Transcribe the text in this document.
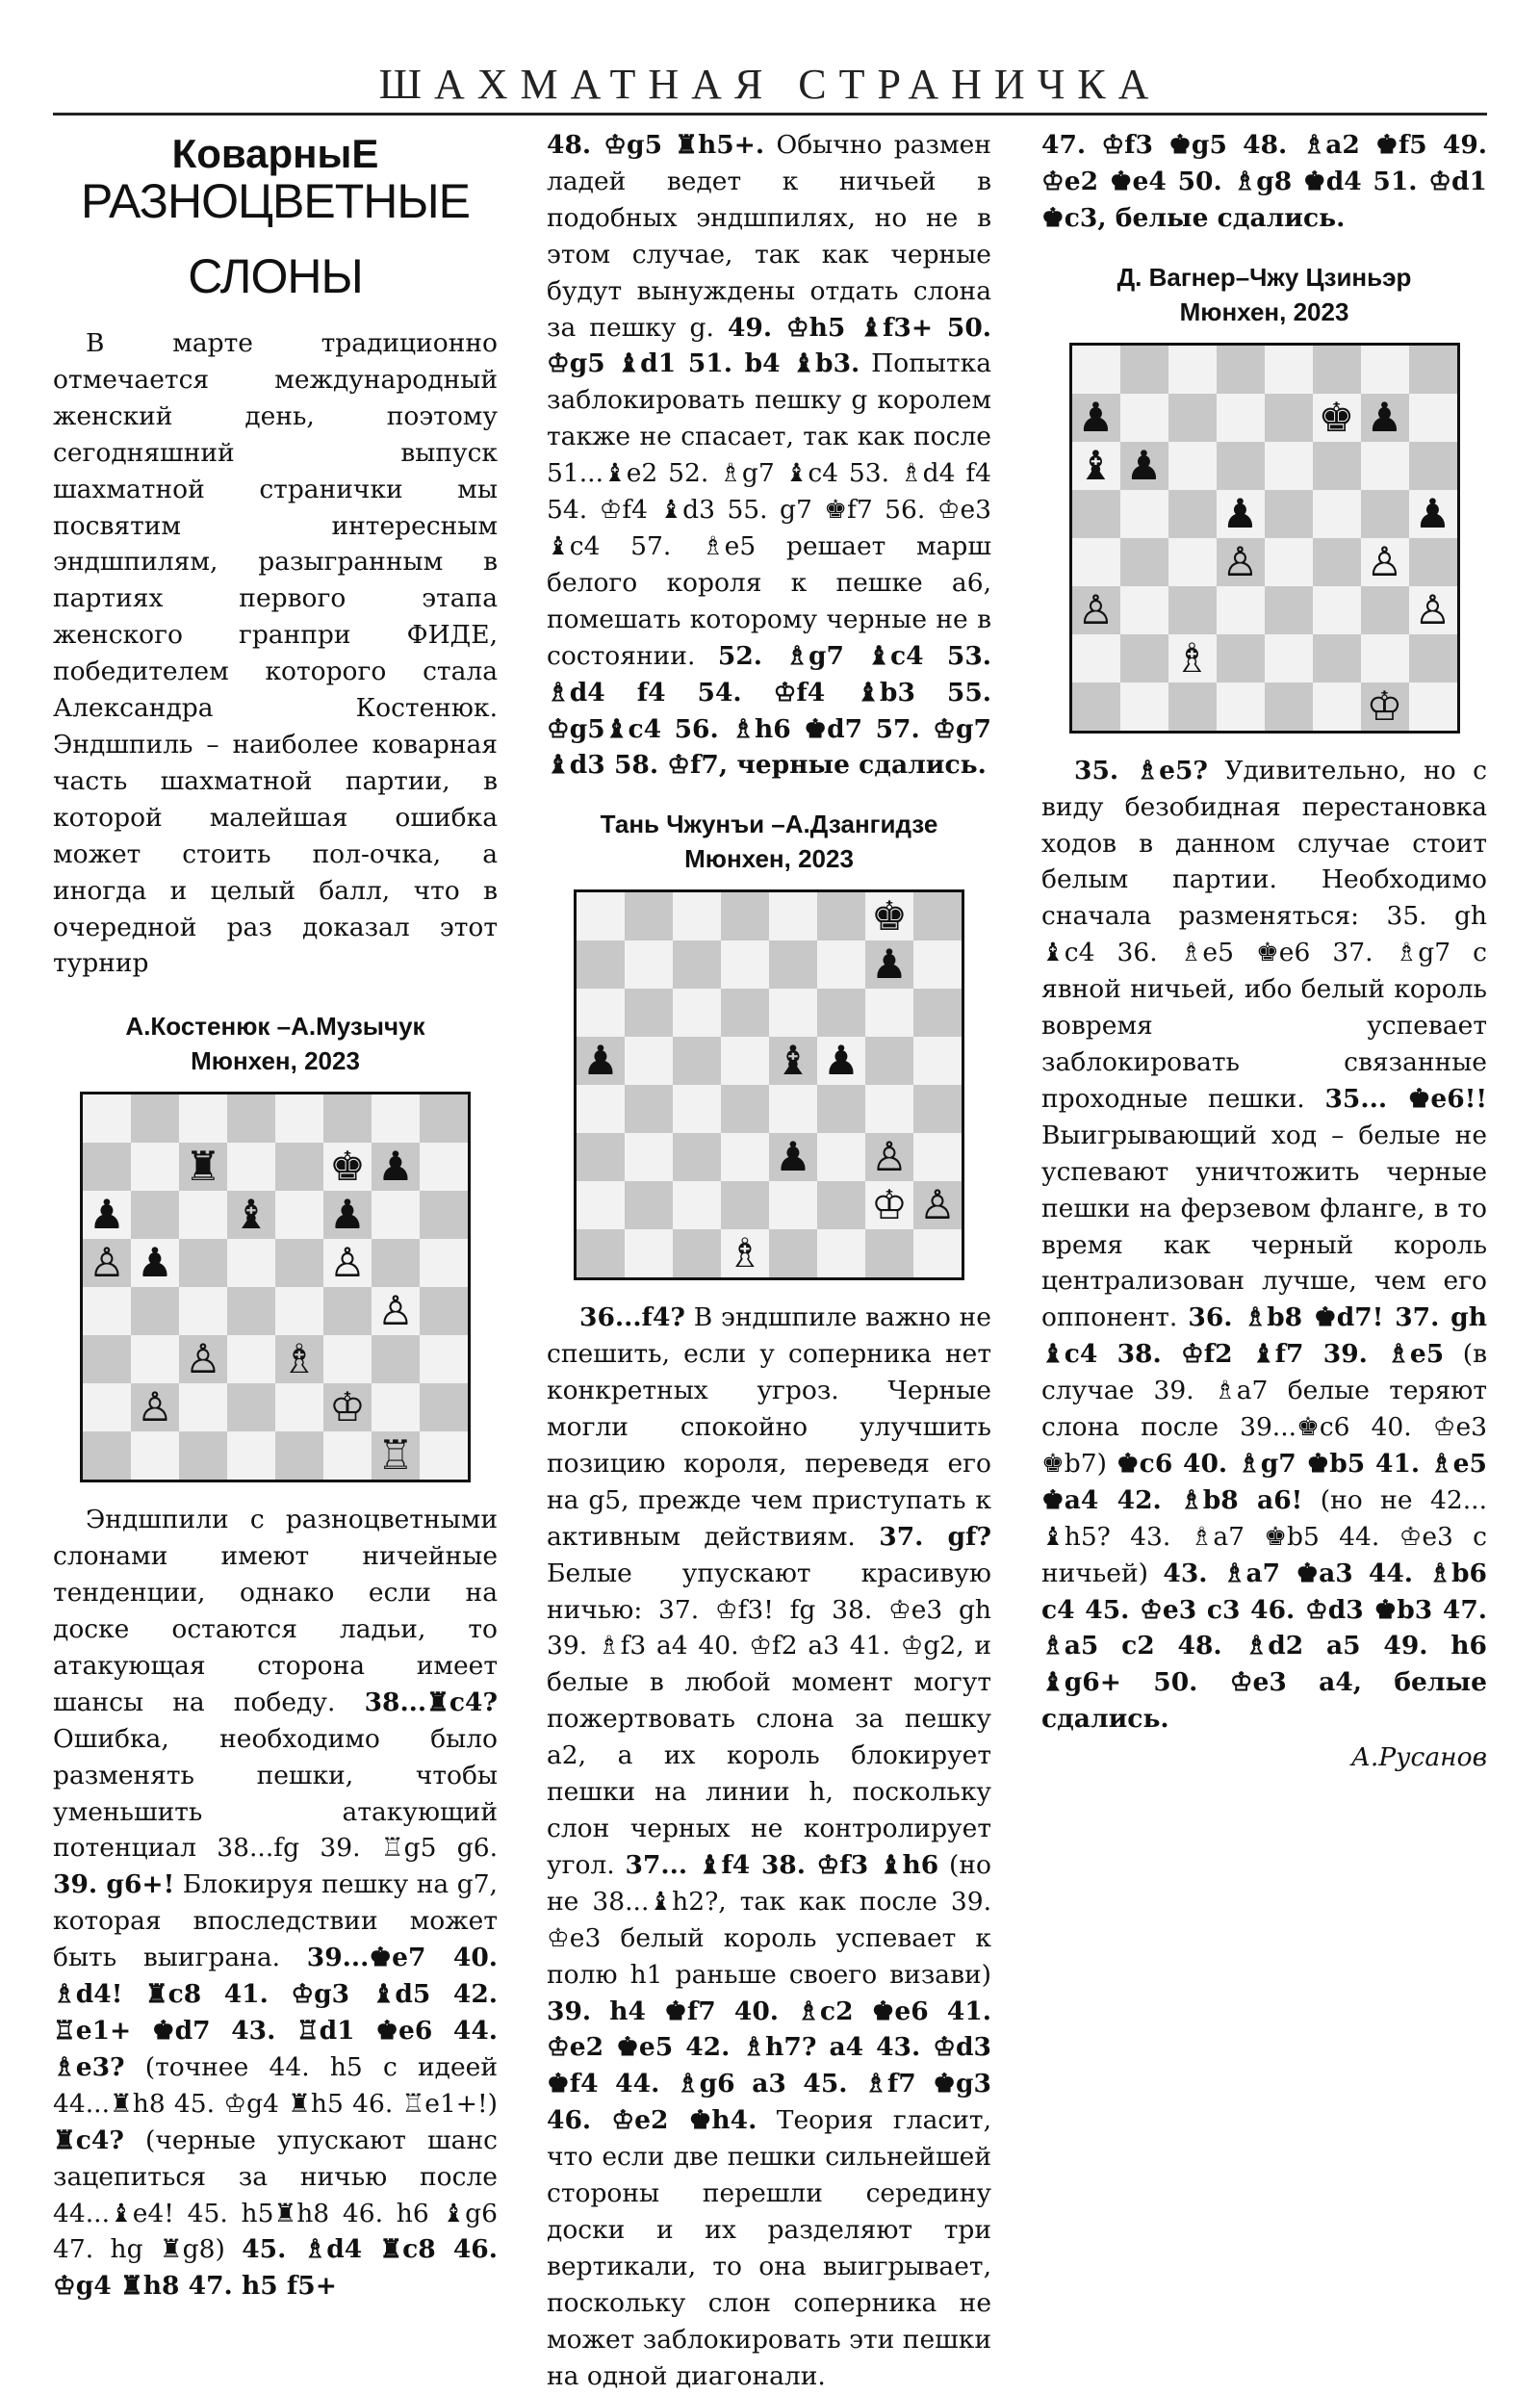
ШАХМАТНАЯ СТРАНИЧКА
КоварныЕ
РАЗНОЦВЕТНЫЕ
СЛОНЫ

В марте традиционно отмечается международный женский день, поэтому сегодняшний выпуск шахматной странички мы посвятим интересным эндшпилям, разыгранным в партиях первого этапа женского гранпри ФИДЕ, победителем которого стала Александра Костенюк. Эндшпиль – наиболее коварная часть шахматной партии, в которой малейшая ошибка может стоить пол-очка, а иногда и целый балл, что в очередной раз доказал этот турнир

А.Костенюк –А.Музычук
Мюнхен, 2023
♜	♚ ♟
♟	♝ ♟
♙ ♟	♙
♙
♙ ♗
♙	♔
♖

Эндшпили с разноцветными слонами имеют ничейные тенденции, однако если на доске остаются ладьи, то атакующая сторона имеет шансы на победу. 38...♜c4? Ошибка, необходимо было разменять пешки, чтобы уменьшить атакующий потенциал 38...fg 39. ♖g5 g6. 39. g6+! Блокируя пешку на g7, которая впоследствии может быть выиграна. 39...♚e7 40. ♗d4! ♜c8 41. ♔g3 ♝d5 42. ♖e1+ ♚d7 43. ♖d1 ♚e6 44. ♗e3? (точнее 44. h5 с идеей 44...♜h8 45. ♔g4 ♜h5 46. ♖e1+!) ♜c4? (черные упускают шанс зацепиться за ничью после 44...♝e4! 45. h5♜h8 46. h6 ♝g6 47. hg ♜g8) 45. ♗d4 ♜c8 46. ♔g4 ♜h8 47. h5 f5+

48. ♔g5 ♜h5+. Обычно размен ладей ведет к ничьей в подобных эндшпилях, но не в этом случае, так как черные будут вынуждены отдать слона за пешку g. 49. ♔h5 ♝f3+ 50. ♔g5 ♝d1 51. b4 ♝b3. Попытка заблокировать пешку g королем также не спасает, так как после 51...♝e2 52. ♗g7 ♝c4 53. ♗d4 f4 54. ♔f4 ♝d3 55. g7 ♚f7 56. ♔e3 ♝c4 57. ♗e5 решает марш белого короля к пешке а6, помешать которому черные не в состоянии. 52. ♗g7 ♝c4 53. ♗d4 f4 54. ♔f4 ♝b3 55. ♔g5♝c4 56. ♗h6 ♚d7 57. ♔g7 ♝d3 58. ♔f7, черные сдались.

Тань Чжунъи –А.Дзангидзе
Мюнхен, 2023
♚
♟
♟	♝ ♟
♟ ♙
♔ ♙
♗

36...f4? В эндшпиле важно не спешить, если у соперника нет конкретных угроз. Черные могли спокойно улучшить позицию короля, переведя его на g5, прежде чем приступать к активным действиям. 37. gf? Белые упускают красивую ничью: 37. ♔f3! fg 38. ♔e3 gh 39. ♗f3 a4 40. ♔f2 a3 41. ♔g2, и белые в любой момент могут пожертвовать слона за пешку a2, а их король блокирует пешки на линии h, поскольку слон черных не контролирует угол. 37... ♝f4 38. ♔f3 ♝h6 (но не 38...♝h2?, так как после 39. ♔e3 белый король успевает к полю h1 раньше своего визави) 39. h4 ♚f7 40. ♗c2 ♚e6 41. ♔e2 ♚e5 42. ♗h7? a4 43. ♔d3 ♚f4 44. ♗g6 a3 45. ♗f7 ♚g3 46. ♔e2 ♚h4. Теория гласит, что если две пешки сильнейшей стороны перешли середину доски и их разделяют три вертикали, то она выигрывает, поскольку слон соперника не может заблокировать эти пешки на одной диагонали.

47. ♔f3 ♚g5 48. ♗a2 ♚f5 49. ♔e2 ♚e4 50. ♗g8 ♚d4 51. ♔d1 ♚c3, белые сдались.

Д. Вагнер–Чжу Цзиньэр
Мюнхен, 2023
♟	♚ ♟
♝ ♟
♟	♟
♙	♙
♙	♙
♗
♔

35. ♗e5? Удивительно, но с виду безобидная перестановка ходов в данном случае стоит белым партии. Необходимо сначала разменяться: 35. gh ♝c4 36. ♗e5 ♚e6 37. ♗g7 с явной ничьей, ибо белый король вовремя успевает заблокировать связанные проходные пешки. 35... ♚e6!! Выигрывающий ход – белые не успевают уничтожить черные пешки на ферзевом фланге, в то время как черный король централизован лучше, чем его оппонент. 36. ♗b8 ♚d7! 37. gh ♝c4 38. ♔f2 ♝f7 39. ♗e5 (в случае 39. ♗a7 белые теряют слона после 39...♚c6 40. ♔e3 ♚b7) ♚c6 40. ♗g7 ♚b5 41. ♗e5 ♚a4 42. ♗b8 a6! (но не 42... ♝h5? 43. ♗a7 ♚b5 44. ♔e3 с ничьей) 43. ♗a7 ♚a3 44. ♗b6 c4 45. ♔e3 c3 46. ♔d3 ♚b3 47. ♗a5 c2 48. ♗d2 a5 49. h6 ♝g6+ 50. ♔e3 a4, белые сдались.

А.Русанов
